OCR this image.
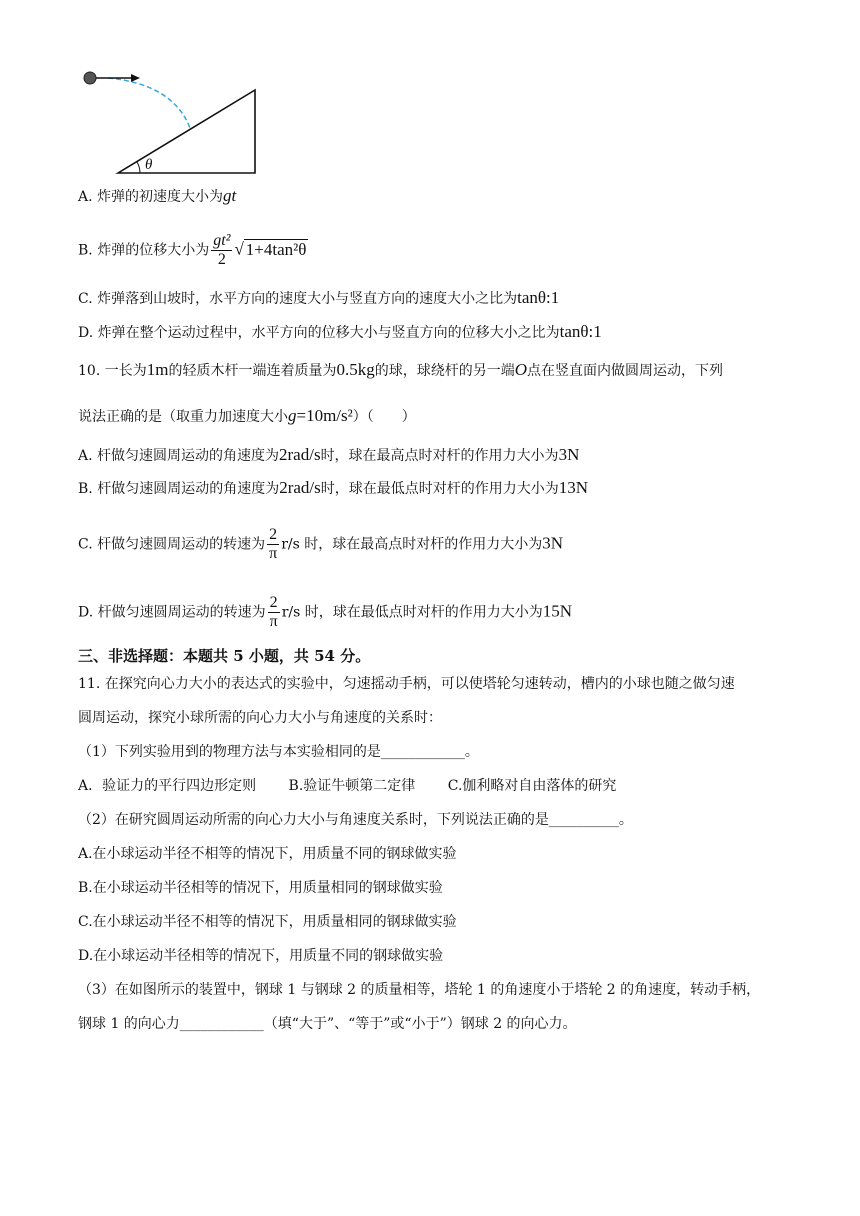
θ
A. 炸弹的初速度大小为gt
B. 炸弹的位移大小为 $\frac{\text{gt²}}{2}$ √ 1+4tan²θ
C. 炸弹落到山坡时，水平方向的速度大小与竖直方向的速度大小之比为tanθ:1
D. 炸弹在整个运动过程中，水平方向的位移大小与竖直方向的位移大小之比为tanθ:1
10. 一长为1m的轻质木杆一端连着质量为0.5kg的球，球绕杆的另一端O点在竖直面内做圆周运动，下列
说法正确的是（取重力加速度大小g=10m/s²）（　　）
A. 杆做匀速圆周运动的角速度为2rad/s时，球在最高点时对杆的作用力大小为3N
B. 杆做匀速圆周运动的角速度为2rad/s时，球在最低点时对杆的作用力大小为13N
C. 杆做匀速圆周运动的转速为 $\frac{2}{\pi} r/s$ 时，球在最高点时对杆的作用力大小为3N
D. 杆做匀速圆周运动的转速为 $\frac{2}{\pi} r/s$ 时，球在最低点时对杆的作用力大小为15N
三、非选择题：本题共 5 小题，共 54 分。
11. 在探究向心力大小的表达式的实验中，匀速摇动手柄，可以使塔轮匀速转动，槽内的小球也随之做匀速
圆周运动，探究小球所需的向心力大小与角速度的关系时：
（1）下列实验用到的物理方法与本实验相同的是____________。
A．验证力的平行四边形定则　　 B.验证牛顿第二定律　　 C.伽利略对自由落体的研究
（2）在研究圆周运动所需的向心力大小与角速度关系时，下列说法正确的是__________。
A.在小球运动半径不相等的情况下，用质量不同的钢球做实验
B.在小球运动半径相等的情况下，用质量相同的钢球做实验
C.在小球运动半径不相等的情况下，用质量相同的钢球做实验
D.在小球运动半径相等的情况下，用质量不同的钢球做实验
（3）在如图所示的装置中，钢球 1 与钢球 2 的质量相等，塔轮 1 的角速度小于塔轮 2 的角速度，转动手柄，
钢球 1 的向心力____________（填“大于”、“等于”或“小于”）钢球 2 的向心力。
